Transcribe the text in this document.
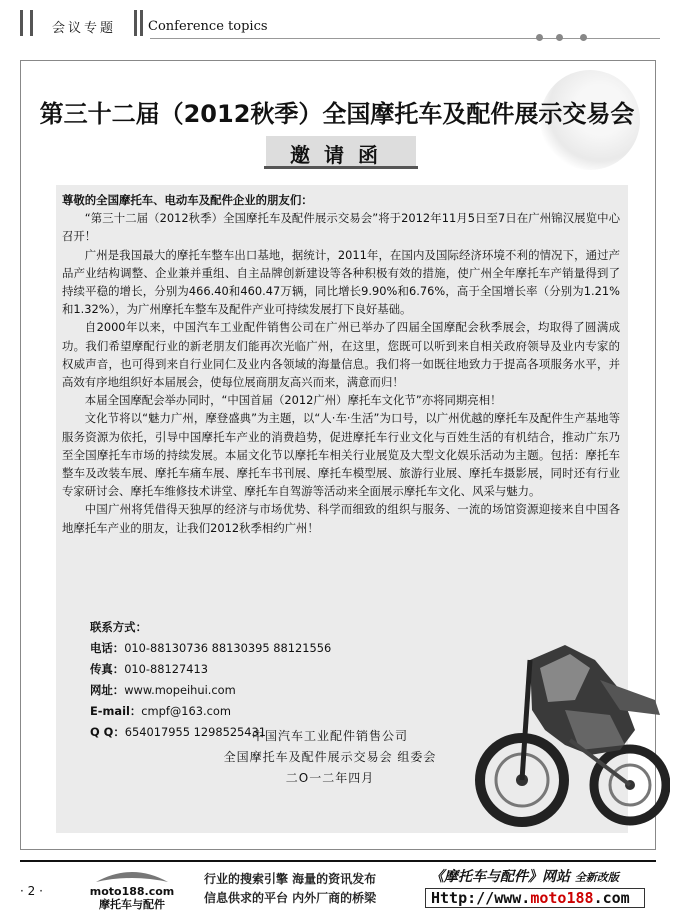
会议专题 Conference topics
第三十二届（2012秋季）全国摩托车及配件展示交易会
邀请函

尊敬的全国摩托车、电动车及配件企业的朋友们：

“第三十二届（2012秋季）全国摩托车及配件展示交易会”将于2012年11月5日至7日在广州锦汉展览中心召开！

广州是我国最大的摩托车整车出口基地，据统计，2011年，在国内及国际经济环境不利的情况下，通过产品产业结构调整、企业兼并重组、自主品牌创新建设等各种积极有效的措施，使广州全年摩托车产销量得到了持续平稳的增长，分别为466.40和460.47万辆，同比增长9.90%和6.76%，高于全国增长率（分别为1.21%和1.32%），为广州摩托车整车及配件产业可持续发展打下良好基础。

自2000年以来，中国汽车工业配件销售公司在广州已举办了四届全国摩配会秋季展会，均取得了圆满成功。我们希望摩配行业的新老朋友们能再次光临广州，在这里，您既可以听到来自相关政府领导及业内专家的权威声音，也可得到来自行业同仁及业内各领域的海量信息。我们将一如既往地致力于提高各项服务水平，并高效有序地组织好本届展会，使每位展商朋友高兴而来，满意而归！

本届全国摩配会举办同时，“中国首届（2012广州）摩托车文化节”亦将同期亮相！

文化节将以“魅力广州，摩登盛典”为主题，以“人·车·生活”为口号，以广州优越的摩托车及配件生产基地等服务资源为依托，引导中国摩托车产业的消费趋势，促进摩托车行业文化与百姓生活的有机结合，推动广东乃至全国摩托车市场的持续发展。本届文化节以摩托车相关行业展览及大型文化娱乐活动为主题。包括：摩托车整车及改装车展、摩托车痛车展、摩托车书刊展、摩托车模型展、旅游行业展、摩托车摄影展，同时还有行业专家研讨会、摩托车维修技术讲堂、摩托车自驾游等活动来全面展示摩托车文化、风采与魅力。

中国广州将凭借得天独厚的经济与市场优势、科学而细致的组织与服务、一流的场馆资源迎接来自中国各地摩托车产业的朋友，让我们2012秋季相约广州！

联系方式：
电话：010-88130736 88130395 88121556
传真：010-88127413
网址：www.mopeihui.com
E-mail：cmpf@163.com
Q Q：654017955 1298525431
中国汽车工业配件销售公司
全国摩托车及配件展示交易会 组委会
二O一二年四月
· 2 ·	moto188.com
摩托车与配件
行业的搜索引擎 海量的资讯发布
信息供求的平台 内外厂商的桥梁
《摩托车与配件》网站 全新改版
Http://www.moto188.com
